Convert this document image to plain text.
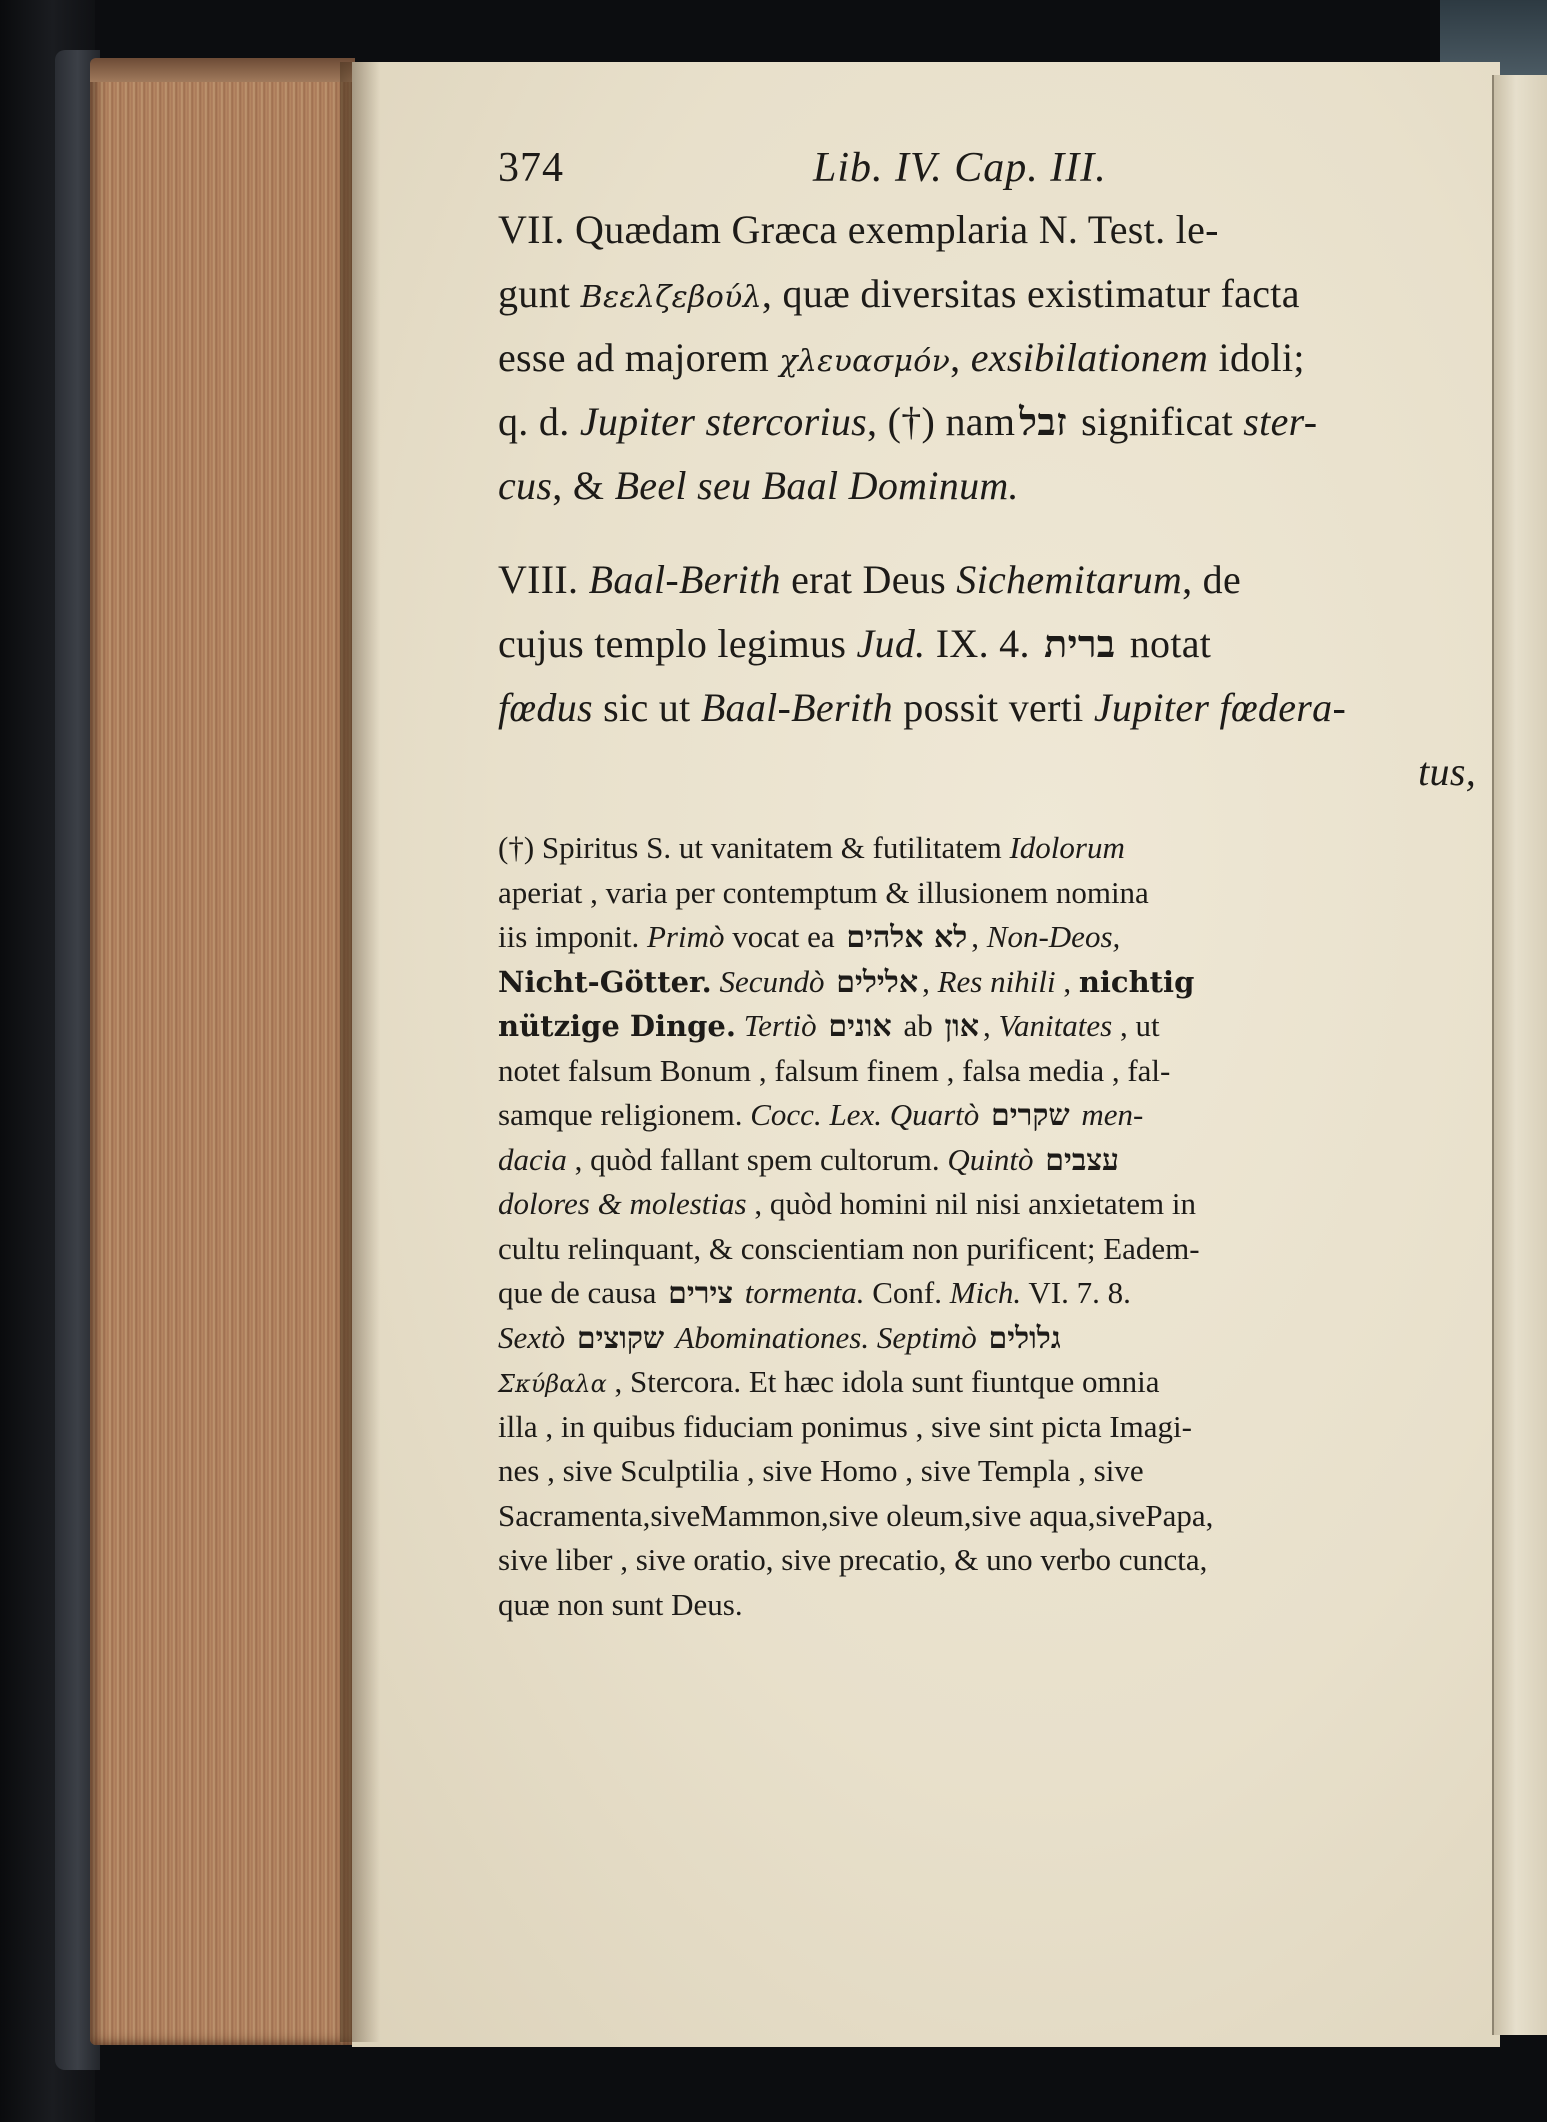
374	Lib. IV. Cap. III.
VII. Quædam Græca exemplaria N. Test. le-
gunt Βεελζεβούλ, quæ diversitas existimatur facta
esse ad majorem χλευασμόν, exsibilationem idoli;
q. d. Jupiter stercorius, (†) nam זבל significat ster-
cus, & Beel seu Baal Dominum.
VIII. Baal-Berith erat Deus Sichemitarum, de
cujus templo legimus Jud. IX. 4. ברית notat
fœdus sic ut Baal-Berith possit verti Jupiter fœdera-
tus,
(†) Spiritus S. ut vanitatem & futilitatem Idolorum
aperiat , varia per contemptum & illusionem nomina
iis imponit. Primò vocat ea לא אלהים , Non-Deos,
Nicht-Götter. Secundò אלילים , Res nihili , nichtig
nützige Dinge. Tertiò אונים ab און , Vanitates , ut
notet falsum Bonum , falsum finem , falsa media , fal-
samque religionem. Cocc. Lex. Quartò שקרים men-
dacia , quòd fallant spem cultorum. Quintò עצבים
dolores & molestias , quòd homini nil nisi anxietatem in
cultu relinquant, & conscientiam non purificent; Eadem-
que de causa צירים tormenta. Conf. Mich. VI. 7. 8.
Sextò שקוצים Abominationes. Septimò גלולים
Σκύβαλα , Stercora. Et hæc idola sunt fiuntque omnia
illa , in quibus fiduciam ponimus , sive sint picta Imagi-
nes , sive Sculptilia , sive Homo , sive Templa , sive
Sacramenta,siveMammon,sive oleum,sive aqua,sivePapa,
sive liber , sive oratio, sive precatio, & uno verbo cuncta,
quæ non sunt Deus.
